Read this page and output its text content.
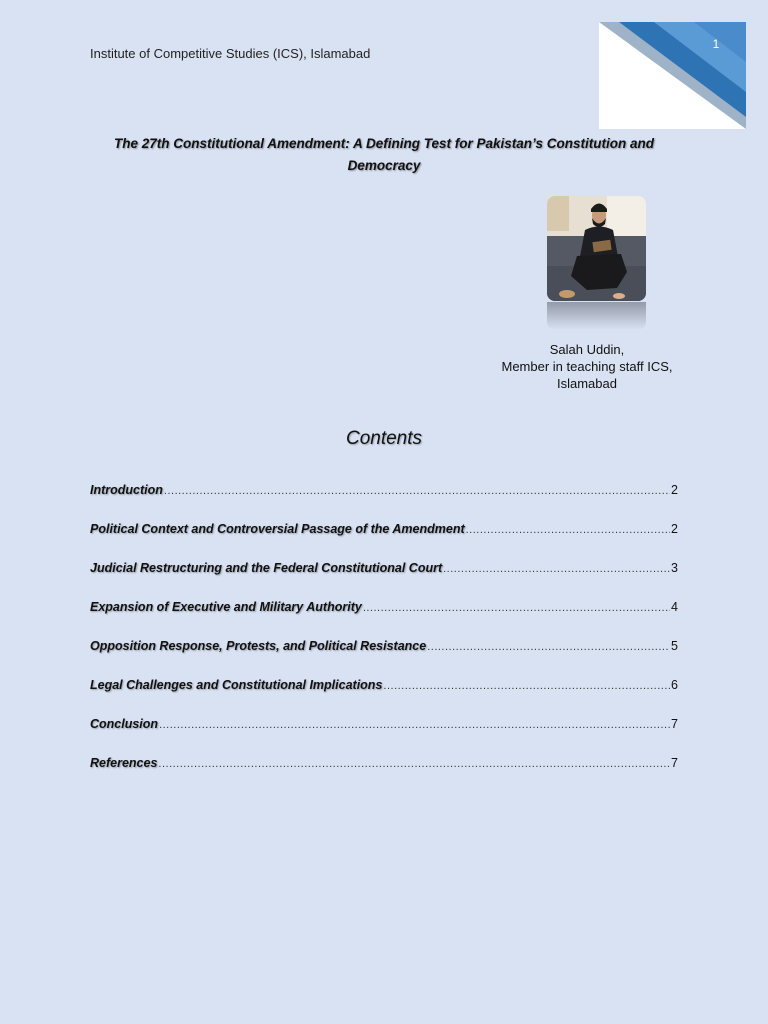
Institute of Competitive Studies (ICS), Islamabad
1
The 27th Constitutional Amendment: A Defining Test for Pakistan’s Constitution and Democracy
Salah Uddin,
Member in teaching staff ICS,
Islamabad
Contents
Introduction .....	2
Political Context and Controversial Passage of the Amendment .....	2
Judicial Restructuring and the Federal Constitutional Court .....	3
Expansion of Executive and Military Authority .....	4
Opposition Response, Protests, and Political Resistance .....	5
Legal Challenges and Constitutional Implications .....	6
Conclusion .....	7
References .....	7
